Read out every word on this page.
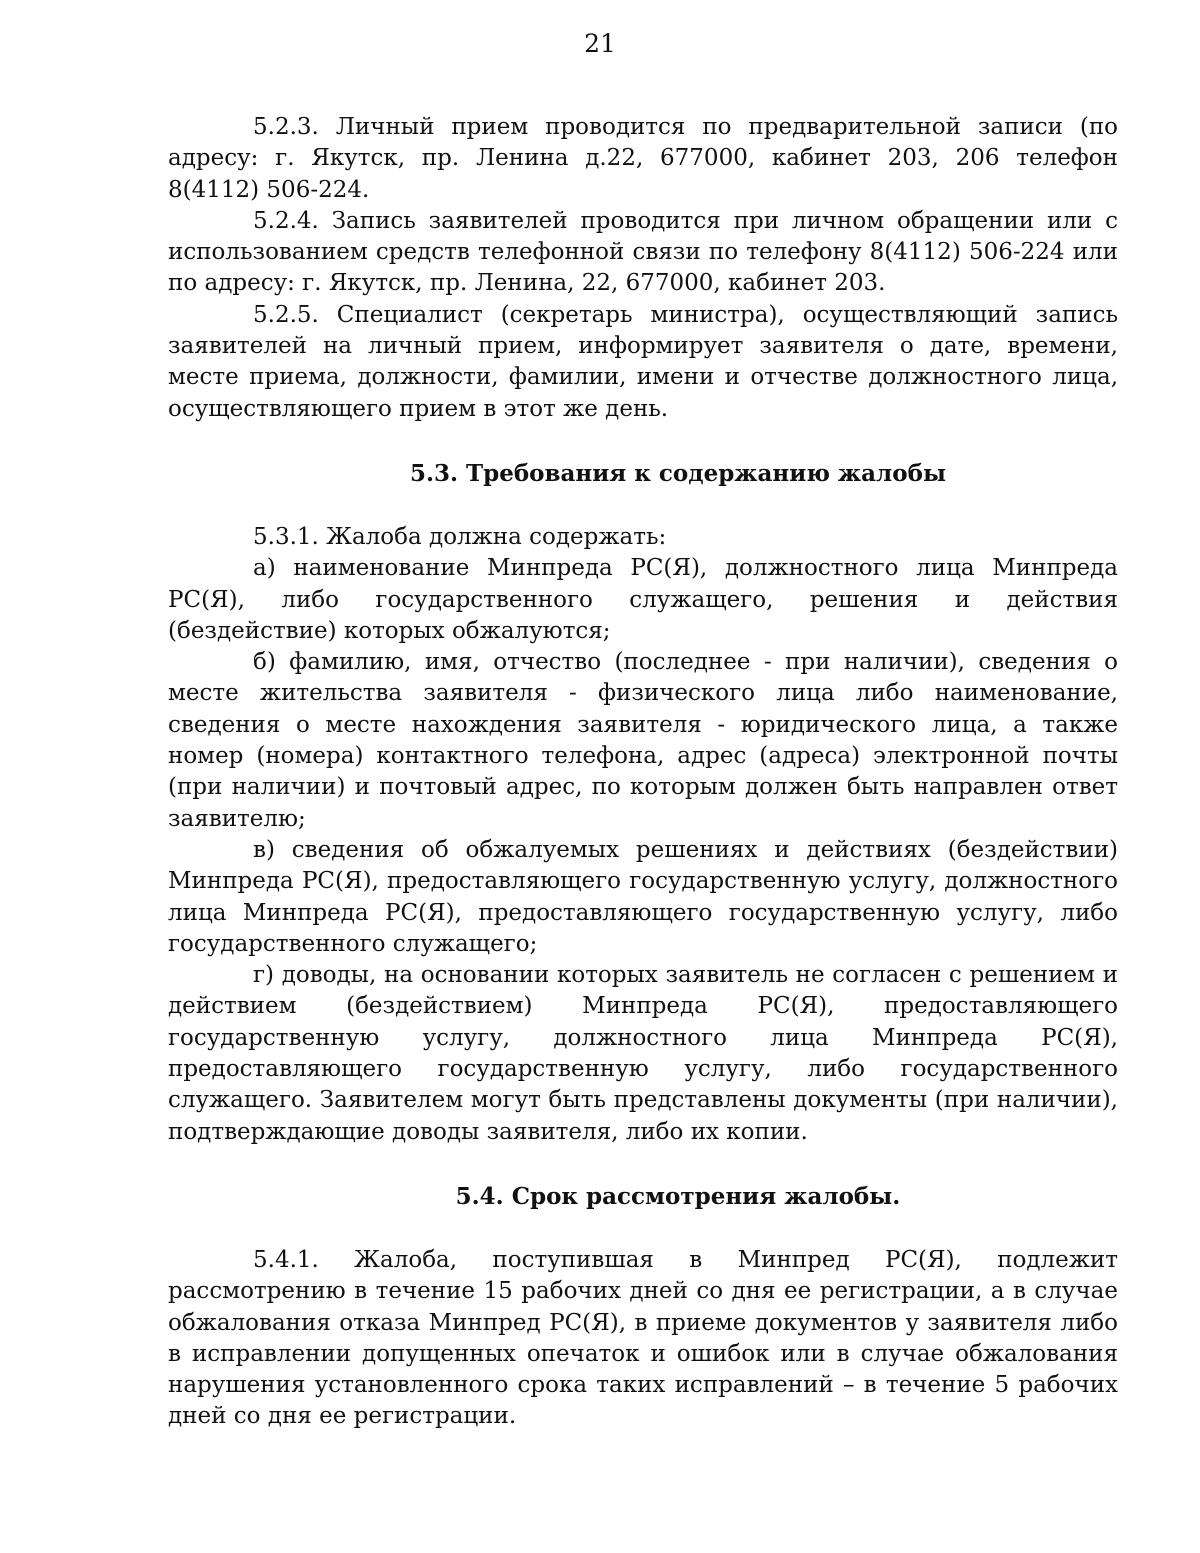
21

5.2.3. Личный прием проводится по предварительной записи (по адресу: г. Якутск, пр. Ленина д.22, 677000, кабинет 203, 206 телефон 8(4112) 506-224.

5.2.4. Запись заявителей проводится при личном обращении или с использованием средств телефонной связи по телефону 8(4112) 506-224 или по адресу: г. Якутск, пр. Ленина, 22, 677000, кабинет 203.

5.2.5. Специалист (секретарь министра), осуществляющий запись заявителей на личный прием, информирует заявителя о дате, времени, месте приема, должности, фамилии, имени и отчестве должностного лица, осуществляющего прием в этот же день.

5.3. Требования к содержанию жалобы

5.3.1. Жалоба должна содержать:

а) наименование Минпреда РС(Я), должностного лица Минпреда РС(Я), либо государственного служащего, решения и действия (бездействие) которых обжалуются;

б) фамилию, имя, отчество (последнее - при наличии), сведения о месте жительства заявителя - физического лица либо наименование, сведения о месте нахождения заявителя - юридического лица, а также номер (номера) контактного телефона, адрес (адреса) электронной почты (при наличии) и почтовый адрес, по которым должен быть направлен ответ заявителю;

в) сведения об обжалуемых решениях и действиях (бездействии) Минпреда РС(Я), предоставляющего государственную услугу, должностного лица Минпреда РС(Я), предоставляющего государственную услугу, либо государственного служащего;

г) доводы, на основании которых заявитель не согласен с решением и действием (бездействием) Минпреда РС(Я), предоставляющего государственную услугу, должностного лица Минпреда РС(Я), предоставляющего государственную услугу, либо государственного служащего. Заявителем могут быть представлены документы (при наличии), подтверждающие доводы заявителя, либо их копии.

5.4. Срок рассмотрения жалобы.

5.4.1. Жалоба, поступившая в Минпред РС(Я), подлежит рассмотрению в течение 15 рабочих дней со дня ее регистрации, а в случае обжалования отказа Минпред РС(Я), в приеме документов у заявителя либо в исправлении допущенных опечаток и ошибок или в случае обжалования нарушения установленного срока таких исправлений – в течение 5 рабочих дней со дня ее регистрации.
